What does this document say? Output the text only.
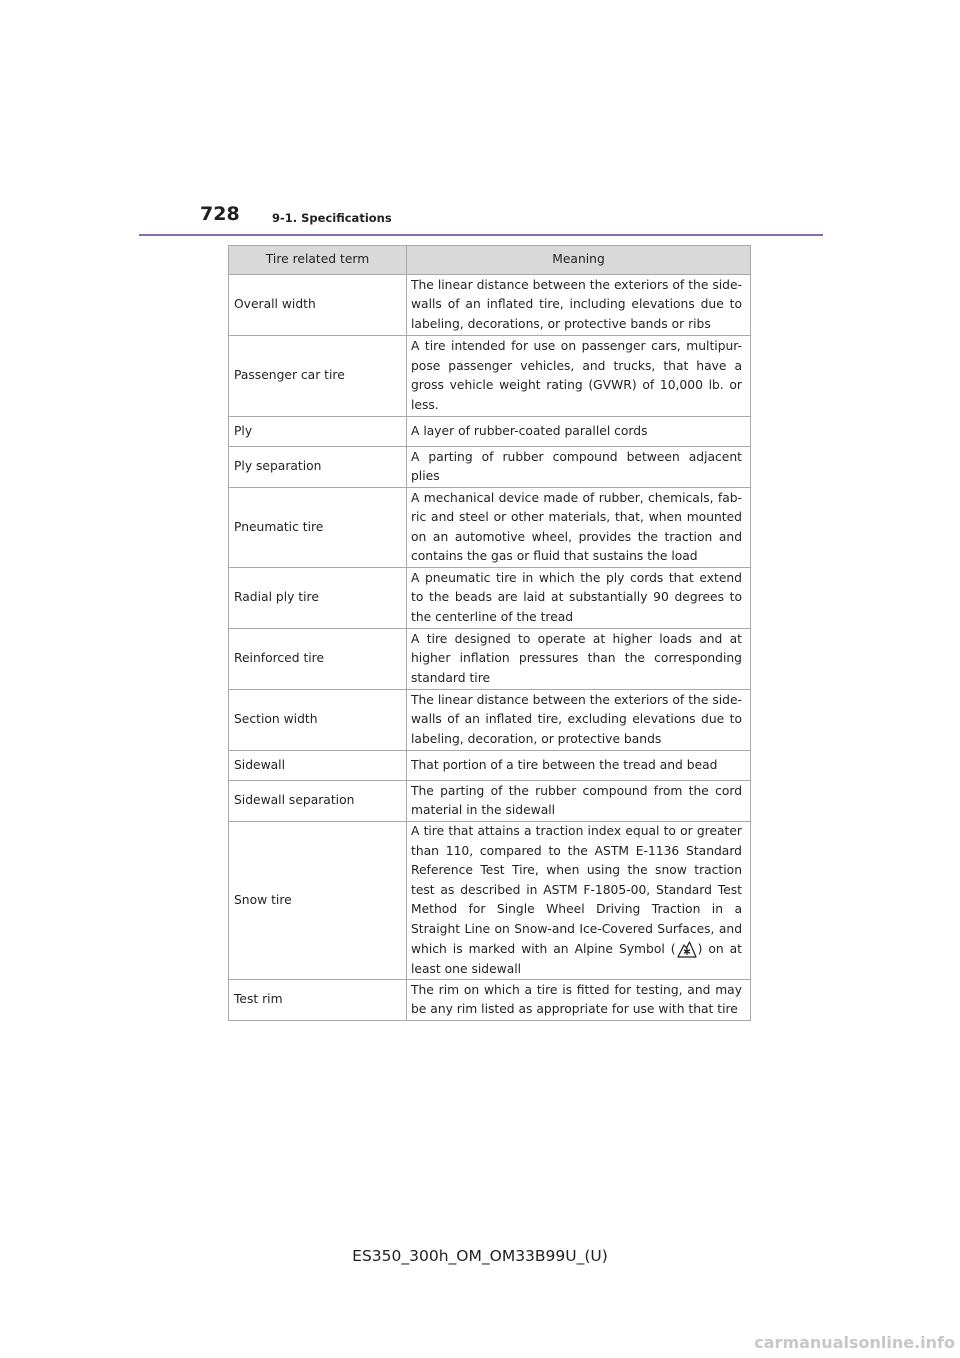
728	9-1. Specifications
Tire related term	Meaning
Overall width	The linear distance between the exteriors of the side-walls of an inflated tire, including elevations due to labeling, decorations, or protective bands or ribs
Passenger car tire	A tire intended for use on passenger cars, multipur-pose passenger vehicles, and trucks, that have a gross vehicle weight rating (GVWR) of 10,000 lb. or less.
Ply	A layer of rubber-coated parallel cords
Ply separation	A parting of rubber compound between adjacent plies
Pneumatic tire	A mechanical device made of rubber, chemicals, fab-ric and steel or other materials, that, when mounted on an automotive wheel, provides the traction and contains the gas or fluid that sustains the load
Radial ply tire	A pneumatic tire in which the ply cords that extend to the beads are laid at substantially 90 degrees to the centerline of the tread
Reinforced tire	A tire designed to operate at higher loads and at higher inflation pressures than the corresponding standard tire
Section width	The linear distance between the exteriors of the side-walls of an inflated tire, excluding elevations due to labeling, decoration, or protective bands
Sidewall	That portion of a tire between the tread and bead
Sidewall separation	The parting of the rubber compound from the cord material in the sidewall
Snow tire	A tire that attains a traction index equal to or greater than 110, compared to the ASTM E-1136 Standard Reference Test Tire, when using the snow traction test as described in ASTM F-1805-00, Standard Test Method for Single Wheel Driving Traction in a Straight Line on Snow-and Ice-Covered Surfaces, and which is marked with an Alpine Symbol ( ) on at least one sidewall
Test rim	The rim on which a tire is fitted for testing, and may be any rim listed as appropriate for use with that tire
ES350_300h_OM_OM33B99U_(U)
carmanualsonline.info
